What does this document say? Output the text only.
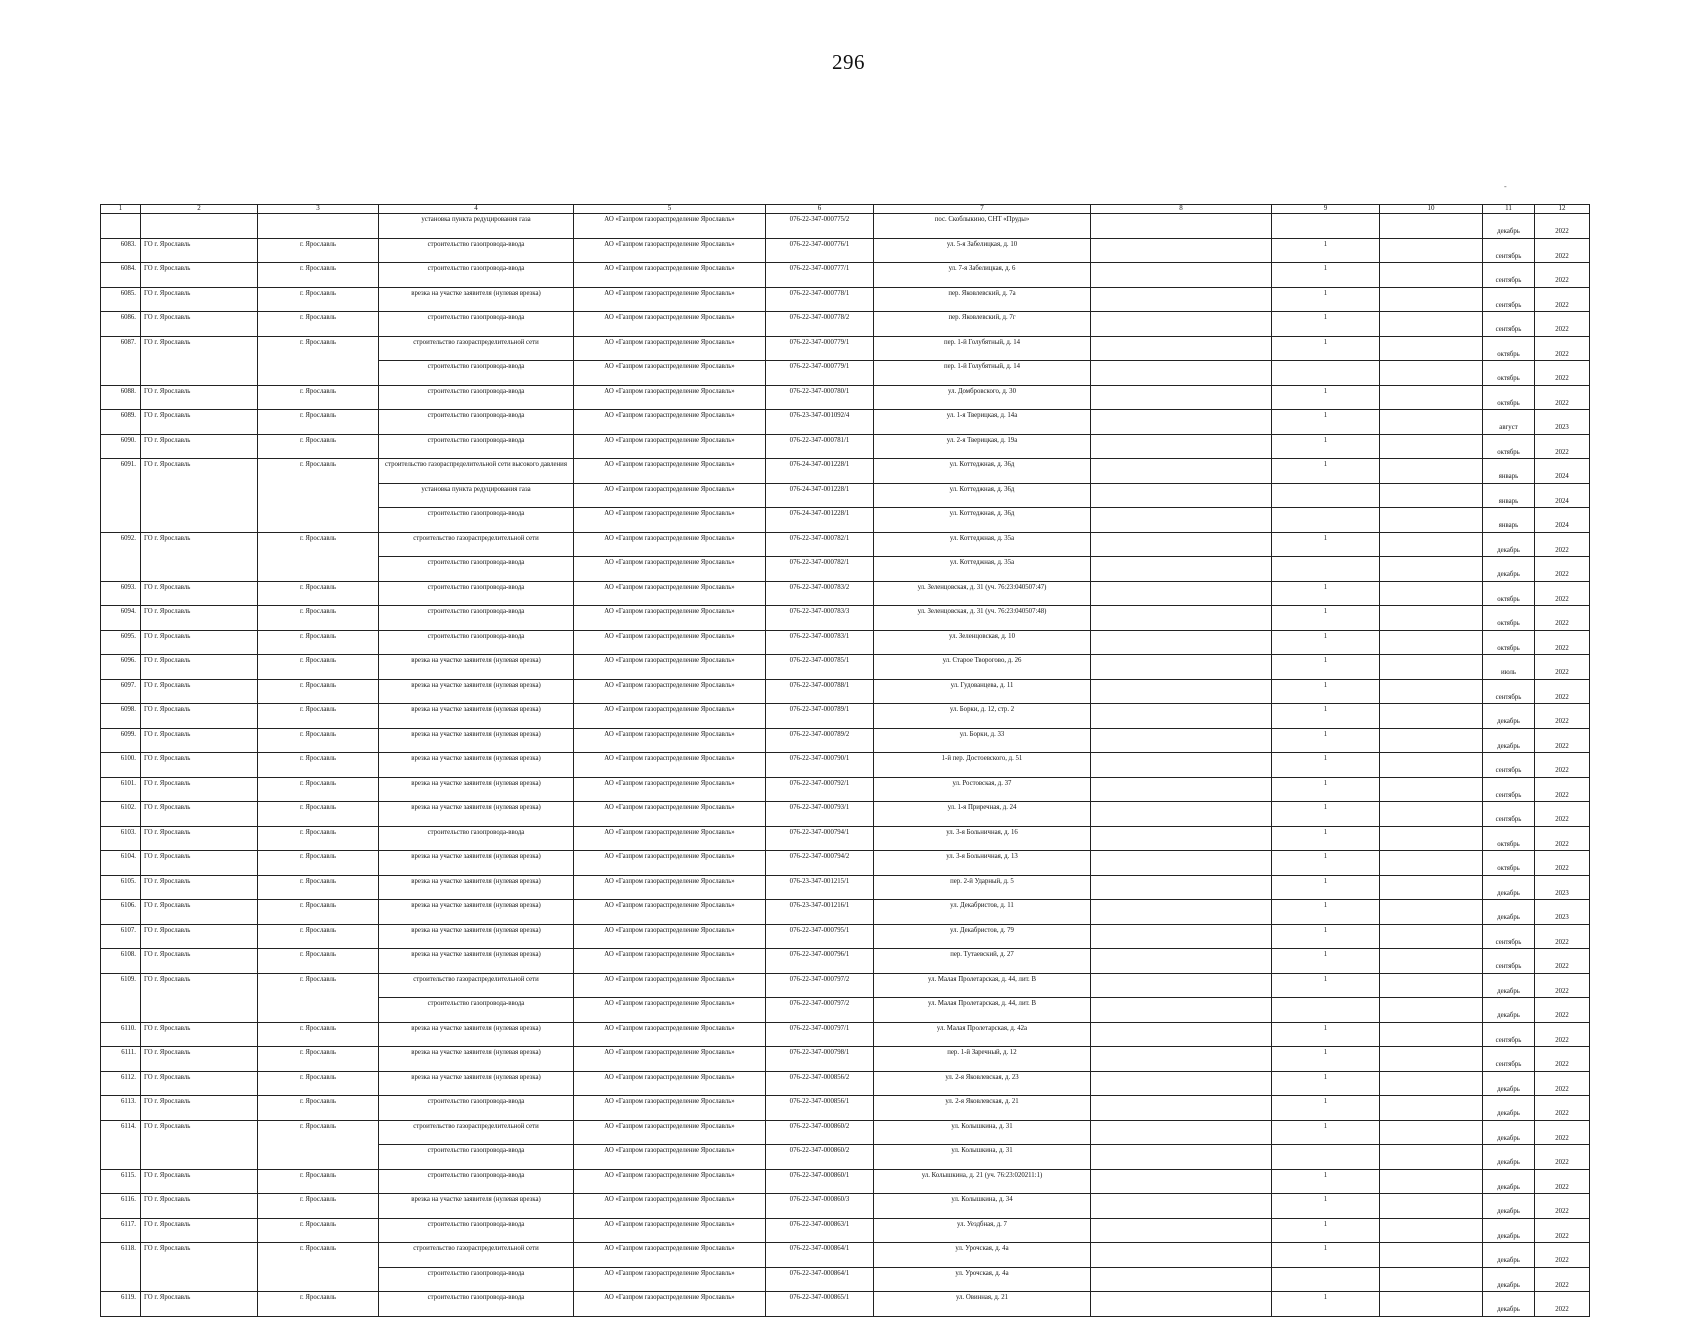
296
-
1	2	3	4	5	6	7	8	9	10	11	12
			установка пункта редуцирования газа	АО «Газпром газораспределение Ярославль»	076-22-347-000775/2	пос. Скоблыкино, СНТ «Пруды»				декабрь	2022
6083.	ГО г. Ярославль	г. Ярославль	строительство газопровода-ввода	АО «Газпром газораспределение Ярославль»	076-22-347-000776/1	ул. 5-я Забелицкая, д. 10		1		сентябрь	2022
6084.	ГО г. Ярославль	г. Ярославль	строительство газопровода-ввода	АО «Газпром газораспределение Ярославль»	076-22-347-000777/1	ул. 7-я Забелицкая, д. 6		1		сентябрь	2022
6085.	ГО г. Ярославль	г. Ярославль	врезка на участке заявителя (нулевая врезка)	АО «Газпром газораспределение Ярославль»	076-22-347-000778/1	пер. Яковлевский, д. 7а		1		сентябрь	2022
6086.	ГО г. Ярославль	г. Ярославль	строительство газопровода-ввода	АО «Газпром газораспределение Ярославль»	076-22-347-000778/2	пер. Яковлевский, д. 7г		1		сентябрь	2022
6087.	ГО г. Ярославль	г. Ярославль	строительство газораспределительной сети	АО «Газпром газораспределение Ярославль»	076-22-347-000779/1	пер. 1-й Голубятный, д. 14		1		октябрь	2022
			строительство газопровода-ввода	АО «Газпром газораспределение Ярославль»	076-22-347-000779/1	пер. 1-й Голубятный, д. 14				октябрь	2022
6088.	ГО г. Ярославль	г. Ярославль	строительство газопровода-ввода	АО «Газпром газораспределение Ярославль»	076-22-347-000780/1	ул. Домбровского, д. 30		1		октябрь	2022
6089.	ГО г. Ярославль	г. Ярославль	строительство газопровода-ввода	АО «Газпром газораспределение Ярославль»	076-23-347-001092/4	ул. 1-я Тверицкая, д. 14а		1		август	2023
6090.	ГО г. Ярославль	г. Ярославль	строительство газопровода-ввода	АО «Газпром газораспределение Ярославль»	076-22-347-000781/1	ул. 2-я Тверицкая, д. 19а		1		октябрь	2022
6091.	ГО г. Ярославль	г. Ярославль	строительство газораспределительной сети высокого давления	АО «Газпром газораспределение Ярославль»	076-24-347-001228/1	ул. Коттеджная, д. 36д		1		январь	2024
			установка пункта редуцирования газа	АО «Газпром газораспределение Ярославль»	076-24-347-001228/1	ул. Коттеджная, д. 36д				январь	2024
			строительство газопровода-ввода	АО «Газпром газораспределение Ярославль»	076-24-347-001228/1	ул. Коттеджная, д. 36д				январь	2024
6092.	ГО г. Ярославль	г. Ярославль	строительство газораспределительной сети	АО «Газпром газораспределение Ярославль»	076-22-347-000782/1	ул. Коттеджная, д. 35а		1		декабрь	2022
			строительство газопровода-ввода	АО «Газпром газораспределение Ярославль»	076-22-347-000782/1	ул. Коттеджная, д. 35а				декабрь	2022
6093.	ГО г. Ярославль	г. Ярославль	строительство газопровода-ввода	АО «Газпром газораспределение Ярославль»	076-22-347-000783/2	ул. Зеленцовская, д. 31 (уч. 76:23:040507:47)		1		октябрь	2022
6094.	ГО г. Ярославль	г. Ярославль	строительство газопровода-ввода	АО «Газпром газораспределение Ярославль»	076-22-347-000783/3	ул. Зеленцовская, д. 31 (уч. 76:23:040507:48)		1		октябрь	2022
6095.	ГО г. Ярославль	г. Ярославль	строительство газопровода-ввода	АО «Газпром газораспределение Ярославль»	076-22-347-000783/1	ул. Зеленцовская, д. 10		1		октябрь	2022
6096.	ГО г. Ярославль	г. Ярославль	врезка на участке заявителя (нулевая врезка)	АО «Газпром газораспределение Ярославль»	076-22-347-000785/1	ул. Старое Творогово, д. 26		1		июль	2022
6097.	ГО г. Ярославль	г. Ярославль	врезка на участке заявителя (нулевая врезка)	АО «Газпром газораспределение Ярославль»	076-22-347-000788/1	ул. Гудованцева, д. 11		1		сентябрь	2022
6098.	ГО г. Ярославль	г. Ярославль	врезка на участке заявителя (нулевая врезка)	АО «Газпром газораспределение Ярославль»	076-22-347-000789/1	ул. Борки, д. 12, стр. 2		1		декабрь	2022
6099.	ГО г. Ярославль	г. Ярославль	врезка на участке заявителя (нулевая врезка)	АО «Газпром газораспределение Ярославль»	076-22-347-000789/2	ул. Борки, д. 33		1		декабрь	2022
6100.	ГО г. Ярославль	г. Ярославль	врезка на участке заявителя (нулевая врезка)	АО «Газпром газораспределение Ярославль»	076-22-347-000790/1	1-й пер. Достоевского, д. 51		1		сентябрь	2022
6101.	ГО г. Ярославль	г. Ярославль	врезка на участке заявителя (нулевая врезка)	АО «Газпром газораспределение Ярославль»	076-22-347-000792/1	ул. Ростовская, д. 37		1		сентябрь	2022
6102.	ГО г. Ярославль	г. Ярославль	врезка на участке заявителя (нулевая врезка)	АО «Газпром газораспределение Ярославль»	076-22-347-000793/1	ул. 1-я Приречная, д. 24		1		сентябрь	2022
6103.	ГО г. Ярославль	г. Ярославль	строительство газопровода-ввода	АО «Газпром газораспределение Ярославль»	076-22-347-000794/1	ул. 3-я Больничная, д. 16		1		октябрь	2022
6104.	ГО г. Ярославль	г. Ярославль	врезка на участке заявителя (нулевая врезка)	АО «Газпром газораспределение Ярославль»	076-22-347-000794/2	ул. 3-я Больничная, д. 13		1		октябрь	2022
6105.	ГО г. Ярославль	г. Ярославль	врезка на участке заявителя (нулевая врезка)	АО «Газпром газораспределение Ярославль»	076-23-347-001215/1	пер. 2-й Ударный, д. 5		1		декабрь	2023
6106.	ГО г. Ярославль	г. Ярославль	врезка на участке заявителя (нулевая врезка)	АО «Газпром газораспределение Ярославль»	076-23-347-001216/1	ул. Декабристов, д. 11		1		декабрь	2023
6107.	ГО г. Ярославль	г. Ярославль	врезка на участке заявителя (нулевая врезка)	АО «Газпром газораспределение Ярославль»	076-22-347-000795/1	ул. Декабристов, д. 79		1		сентябрь	2022
6108.	ГО г. Ярославль	г. Ярославль	врезка на участке заявителя (нулевая врезка)	АО «Газпром газораспределение Ярославль»	076-22-347-000796/1	пер. Тутаевский, д. 27		1		сентябрь	2022
6109.	ГО г. Ярославль	г. Ярославль	строительство газораспределительной сети	АО «Газпром газораспределение Ярославль»	076-22-347-000797/2	ул. Малая Пролетарская, д. 44, лит. В		1		декабрь	2022
			строительство газопровода-ввода	АО «Газпром газораспределение Ярославль»	076-22-347-000797/2	ул. Малая Пролетарская, д. 44, лит. В				декабрь	2022
6110.	ГО г. Ярославль	г. Ярославль	врезка на участке заявителя (нулевая врезка)	АО «Газпром газораспределение Ярославль»	076-22-347-000797/1	ул. Малая Пролетарская, д. 42а		1		сентябрь	2022
6111.	ГО г. Ярославль	г. Ярославль	врезка на участке заявителя (нулевая врезка)	АО «Газпром газораспределение Ярославль»	076-22-347-000798/1	пер. 1-й Заречный, д. 12		1		сентябрь	2022
6112.	ГО г. Ярославль	г. Ярославль	врезка на участке заявителя (нулевая врезка)	АО «Газпром газораспределение Ярославль»	076-22-347-000856/2	ул. 2-я Яковлевская, д. 23		1		декабрь	2022
6113.	ГО г. Ярославль	г. Ярославль	строительство газопровода-ввода	АО «Газпром газораспределение Ярославль»	076-22-347-000856/1	ул. 2-я Яковлевская, д. 21		1		декабрь	2022
6114.	ГО г. Ярославль	г. Ярославль	строительство газораспределительной сети	АО «Газпром газораспределение Ярославль»	076-22-347-000860/2	ул. Колышкина, д. 31		1		декабрь	2022
			строительство газопровода-ввода	АО «Газпром газораспределение Ярославль»	076-22-347-000860/2	ул. Колышкина, д. 31				декабрь	2022
6115.	ГО г. Ярославль	г. Ярославль	строительство газопровода-ввода	АО «Газпром газораспределение Ярославль»	076-22-347-000860/1	ул. Колышкина, д. 21 (уч. 76:23:020211:1)		1		декабрь	2022
6116.	ГО г. Ярославль	г. Ярославль	врезка на участке заявителя (нулевая врезка)	АО «Газпром газораспределение Ярославль»	076-22-347-000860/3	ул. Колышкина, д. 34		1		декабрь	2022
6117.	ГО г. Ярославль	г. Ярославль	строительство газопровода-ввода	АО «Газпром газораспределение Ярославль»	076-22-347-000863/1	ул. Уездбная, д. 7		1		декабрь	2022
6118.	ГО г. Ярославль	г. Ярославль	строительство газораспределительной сети	АО «Газпром газораспределение Ярославль»	076-22-347-000864/1	ул. Урочская, д. 4а		1		декабрь	2022
			строительство газопровода-ввода	АО «Газпром газораспределение Ярославль»	076-22-347-000864/1	ул. Урочская, д. 4а				декабрь	2022
6119.	ГО г. Ярославль	г. Ярославль	строительство газопровода-ввода	АО «Газпром газораспределение Ярославль»	076-22-347-000865/1	ул. Овинная, д. 21		1		декабрь	2022
